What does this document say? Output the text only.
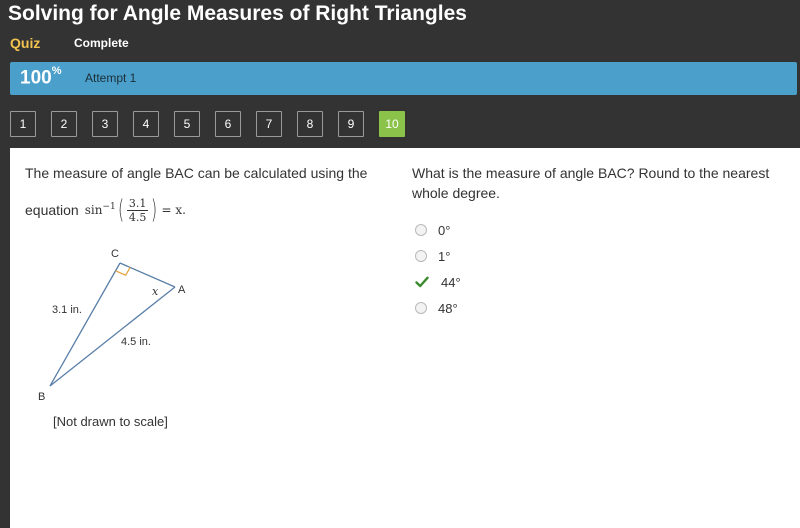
Solving for Angle Measures of Right Triangles
Quiz	Complete
100% Attempt 1
1	2	3	4	5	6	7	8	9	10
The measure of angle BAC can be calculated using the
equation $\sin^{-1}$ ( $\frac{3.1}{4.5}$ ) = x.
C
A
B
x
3.1 in.
4.5 in.
[Not drawn to scale]
What is the measure of angle BAC? Round to the nearest whole degree.
0°
1°
44°
48°
